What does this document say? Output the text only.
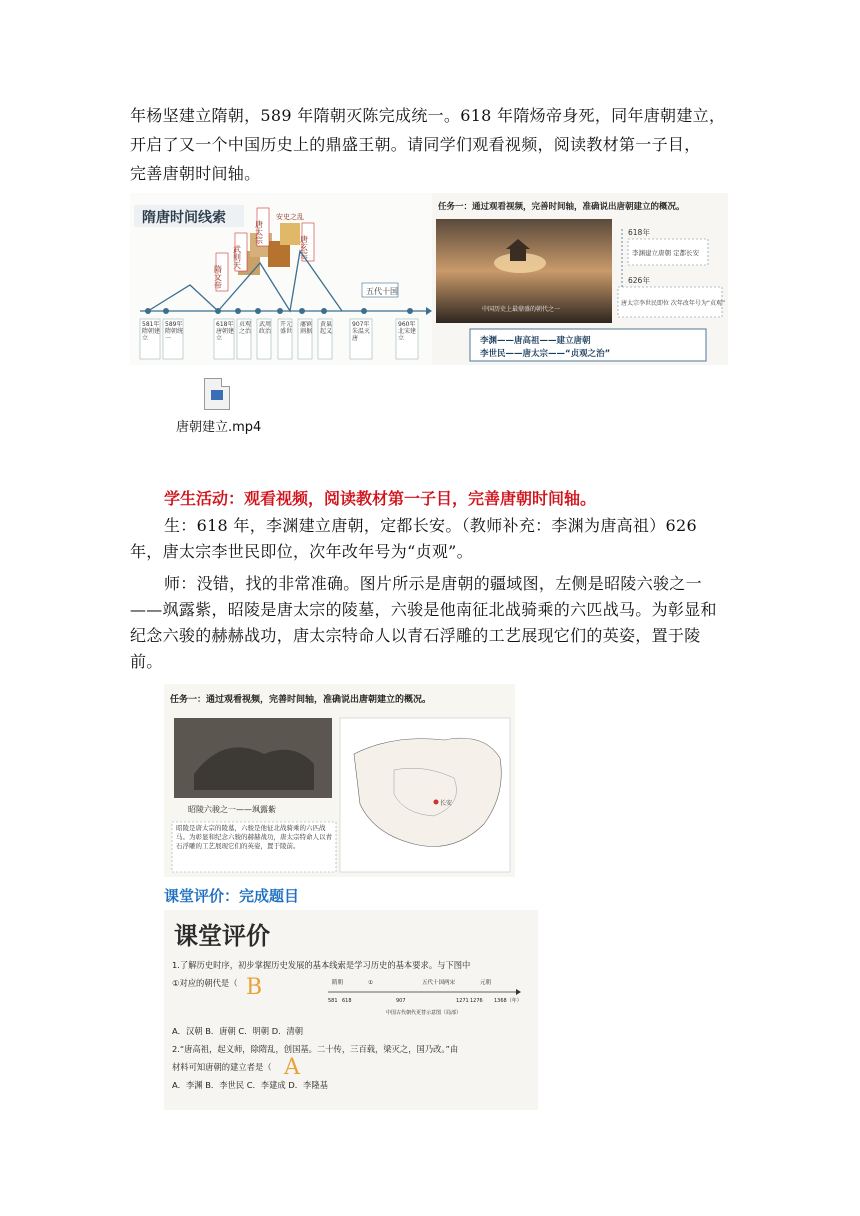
年杨坚建立隋朝，589 年隋朝灭陈完成统一。618 年隋炀帝身死，同年唐朝建立，
开启了又一个中国历史上的鼎盛王朝。请同学们观看视频，阅读教材第一子目，
完善唐朝时间轴。
隋唐时间线索
隋文帝
武则天
唐太宗
唐玄宗
五代十国
任务一：通过观看视频，完善时间轴，准确说出唐朝建立的概况。
中国历史上最鼎盛的朝代之一
618年
李渊建立唐朝 定都长安
626年
唐太宗李世民即位 次年改年号为“贞观”
李渊——唐高祖——建立唐朝
李世民——唐太宗——“贞观之治”
581年隋朝建立
589年隋朝统一
618年唐朝建立
贞观之治
武周政治
开元盛世
藩镇割据
黄巢起义
907年朱温灭唐
960年北宋建立
安史之乱
唐朝建立.mp4
学生活动：观看视频，阅读教材第一子目，完善唐朝时间轴。
生：618 年，李渊建立唐朝，定都长安。（教师补充：李渊为唐高祖）626 年，唐太宗李世民即位，次年改年号为“贞观”。
师：没错，找的非常准确。图片所示是唐朝的疆域图，左侧是昭陵六骏之一——飒露紫，昭陵是唐太宗的陵墓，六骏是他南征北战骑乘的六匹战马。为彰显和纪念六骏的赫赫战功，唐太宗特命人以青石浮雕的工艺展现它们的英姿，置于陵前。
任务一：通过观看视频，完善时间轴，准确说出唐朝建立的概况。
昭陵六骏之一——飒露紫
昭陵是唐太宗的陵墓，六骏是他征北战骑乘的六匹战马。为彰显和纪念六骏的赫赫战功，唐太宗特命人以青石浮雕的工艺展现它们的英姿，置于陵前。
长安
课堂评价：完成题目
课堂评价
1.了解历史时序，初步掌握历史发展的基本线索是学习历史的基本要求。与下图中
①对应的朝代是（ B	隋朝	①	五代十国两宋	元朝
581 618	907	1271 1276 1368（年）
中国古代朝代更替示意图（局部）
A．汉朝 B．唐朝 C．明朝 D．清朝
2.“唐高祖，起义师，除隋乱，创国基。二十传，三百载，梁灭之，国乃改。”由
材料可知唐朝的建立者是（ A
A．李渊 B．李世民 C．李建成 D．李隆基
